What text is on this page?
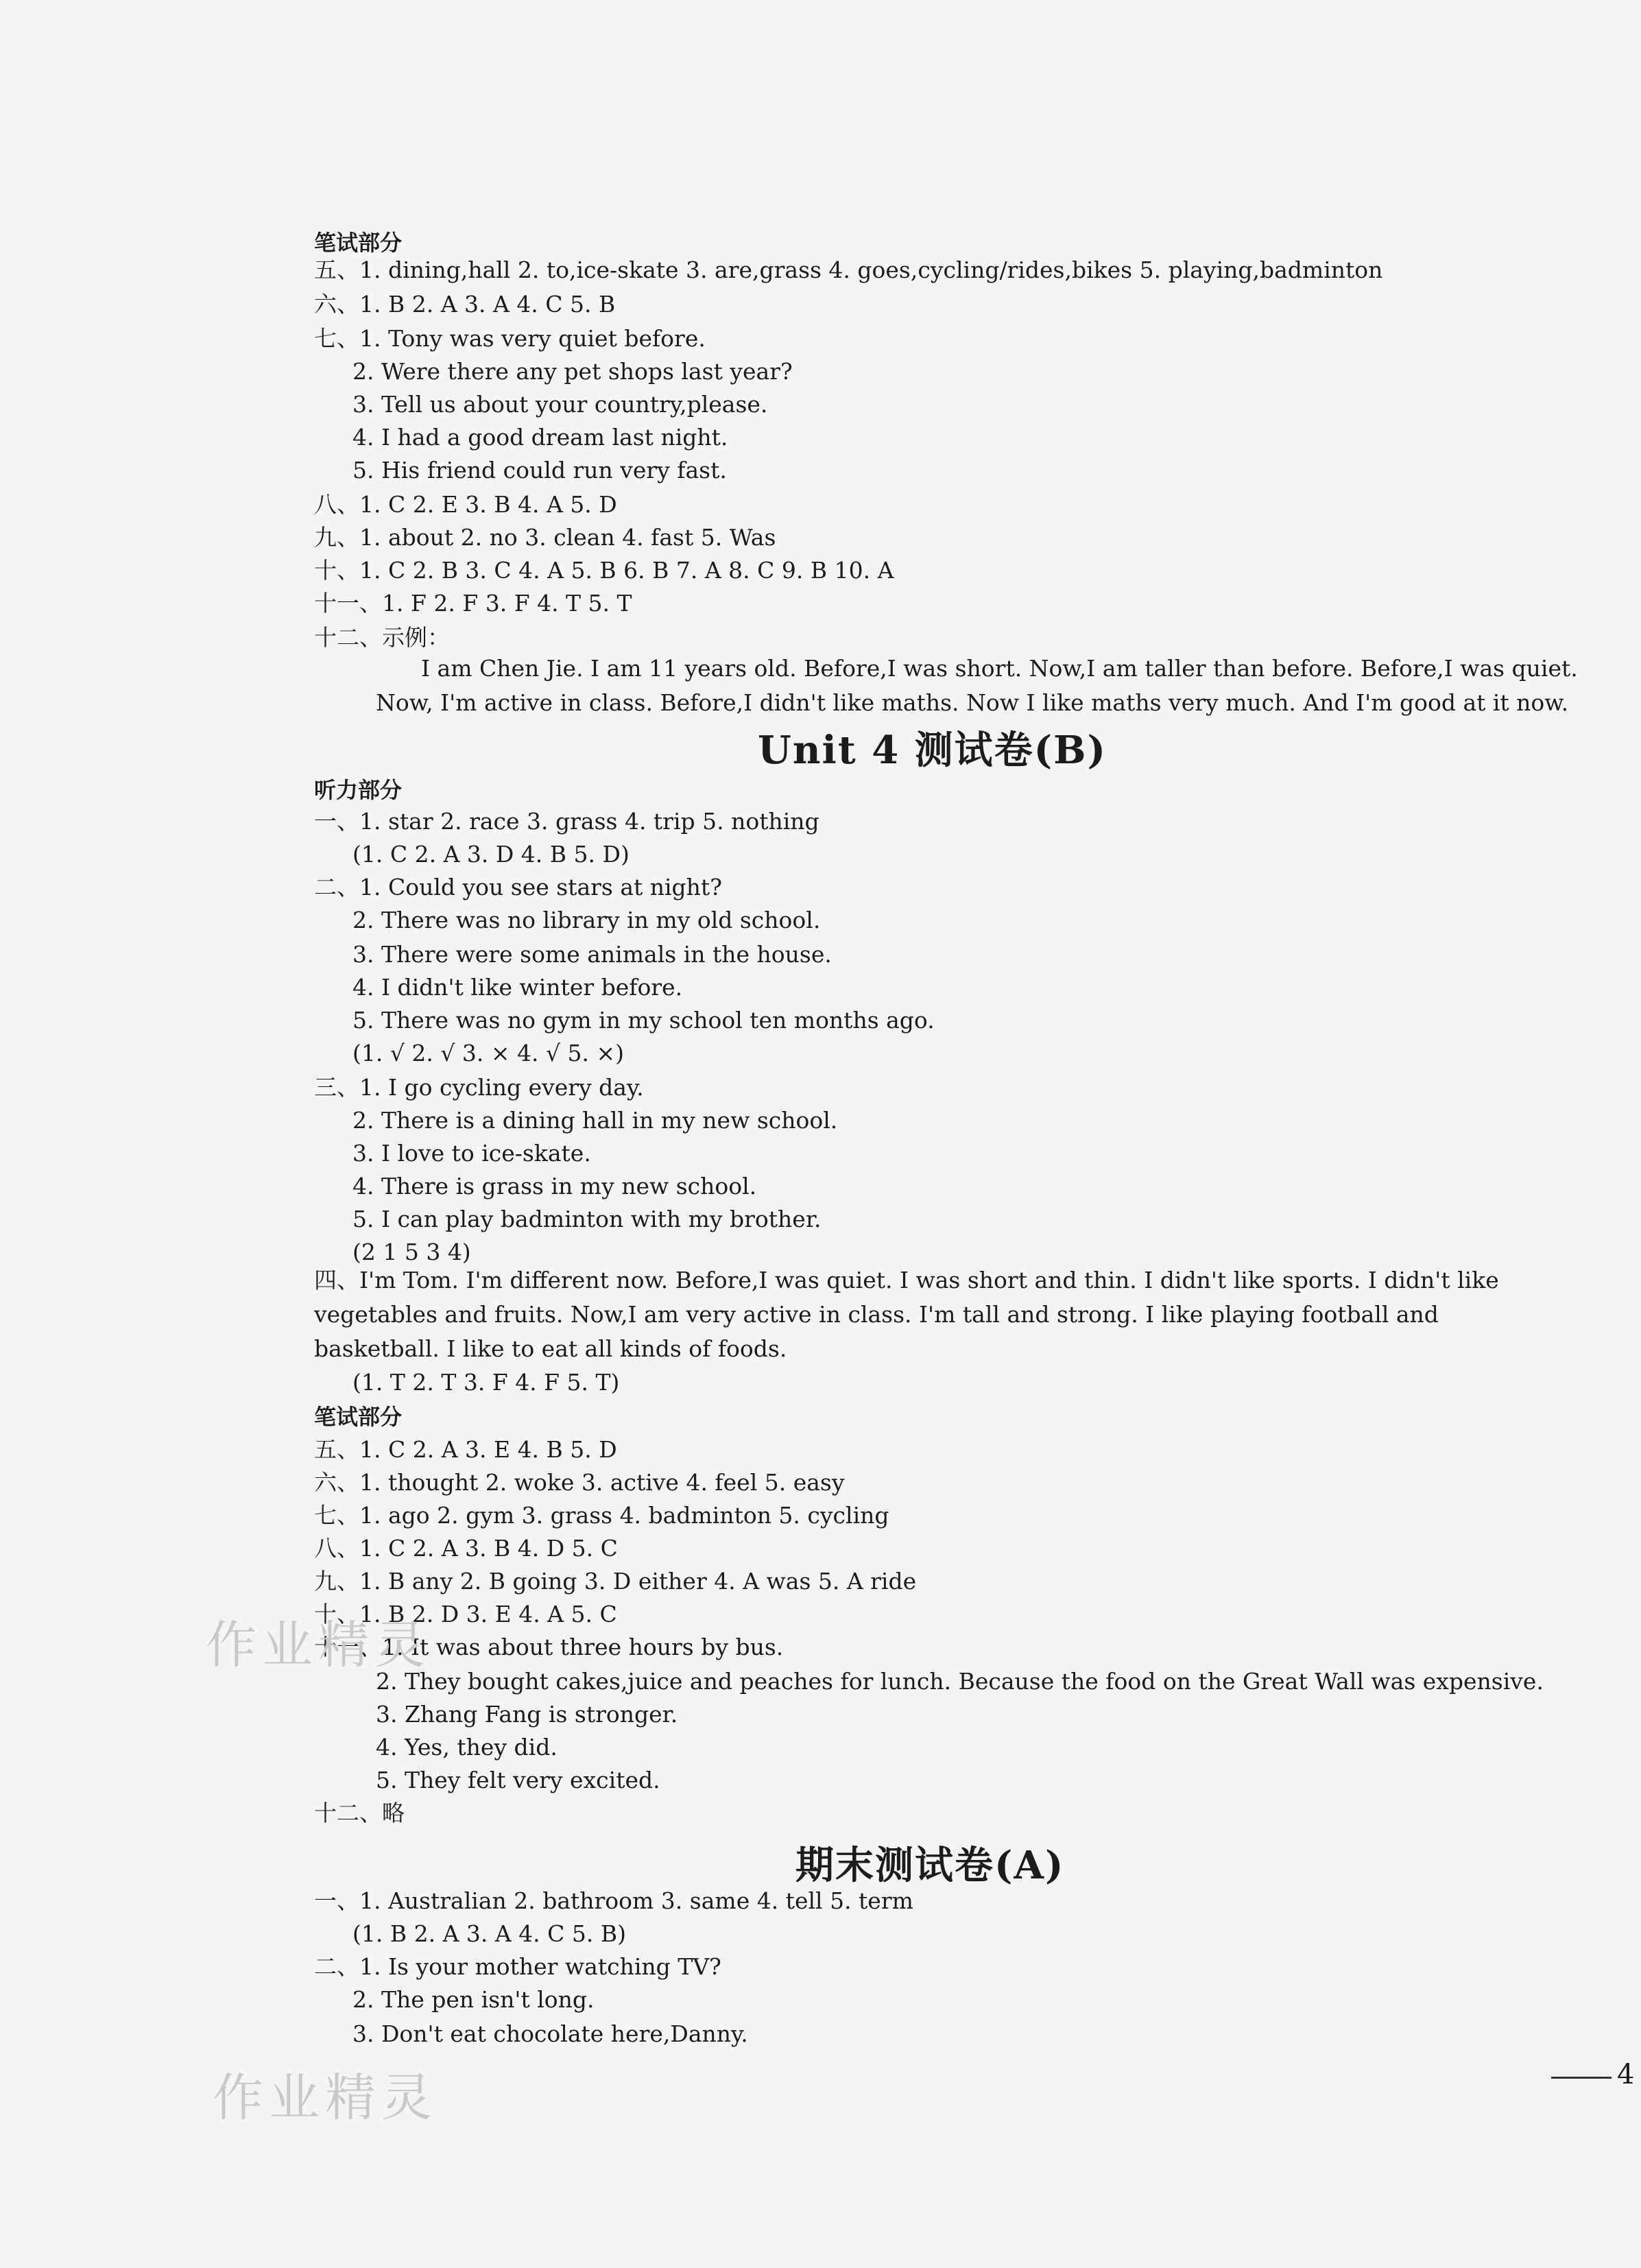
笔试部分
五、1. dining,hall 2. to,ice-skate 3. are,grass 4. goes,cycling/rides,bikes 5. playing,badminton
六、1. B 2. A 3. A 4. C 5. B
七、1. Tony was very quiet before.
2. Were there any pet shops last year?
3. Tell us about your country,please.
4. I had a good dream last night.
5. His friend could run very fast.
八、1. C 2. E 3. B 4. A 5. D
九、1. about 2. no 3. clean 4. fast 5. Was
十、1. C 2. B 3. C 4. A 5. B 6. B 7. A 8. C 9. B 10. A
十一、1. F 2. F 3. F 4. T 5. T
十二、示例：
I am Chen Jie. I am 11 years old. Before,I was short. Now,I am taller than before. Before,I was quiet. Now, I'm active in class. Before,I didn't like maths. Now I like maths very much. And I'm good at it now.
Unit 4 测试卷(B)
听力部分
一、1. star 2. race 3. grass 4. trip 5. nothing
(1. C 2. A 3. D 4. B 5. D)
二、1. Could you see stars at night?
2. There was no library in my old school.
3. There were some animals in the house.
4. I didn't like winter before.
5. There was no gym in my school ten months ago.
(1. √ 2. √ 3. × 4. √ 5. ×)
三、1. I go cycling every day.
2. There is a dining hall in my new school.
3. I love to ice-skate.
4. There is grass in my new school.
5. I can play badminton with my brother.
(2 1 5 3 4)
四、I'm Tom. I'm different now. Before,I was quiet. I was short and thin. I didn't like sports. I didn't like vegetables and fruits. Now,I am very active in class. I'm tall and strong. I like playing football and basketball. I like to eat all kinds of foods.
(1. T 2. T 3. F 4. F 5. T)
笔试部分
五、1. C 2. A 3. E 4. B 5. D
六、1. thought 2. woke 3. active 4. feel 5. easy
七、1. ago 2. gym 3. grass 4. badminton 5. cycling
八、1. C 2. A 3. B 4. D 5. C
九、1. B any 2. B going 3. D either 4. A was 5. A ride
十、1. B 2. D 3. E 4. A 5. C
十一、1. It was about three hours by bus.
2. They bought cakes,juice and peaches for lunch. Because the food on the Great Wall was expensive.
3. Zhang Fang is stronger.
4. Yes, they did.
5. They felt very excited.
十二、略
期末测试卷(A)
一、1. Australian 2. bathroom 3. same 4. tell 5. term
(1. B 2. A 3. A 4. C 5. B)
二、1. Is your mother watching TV?
2. The pen isn't long.
3. Don't eat chocolate here,Danny.
作业精灵
作业精灵	4
